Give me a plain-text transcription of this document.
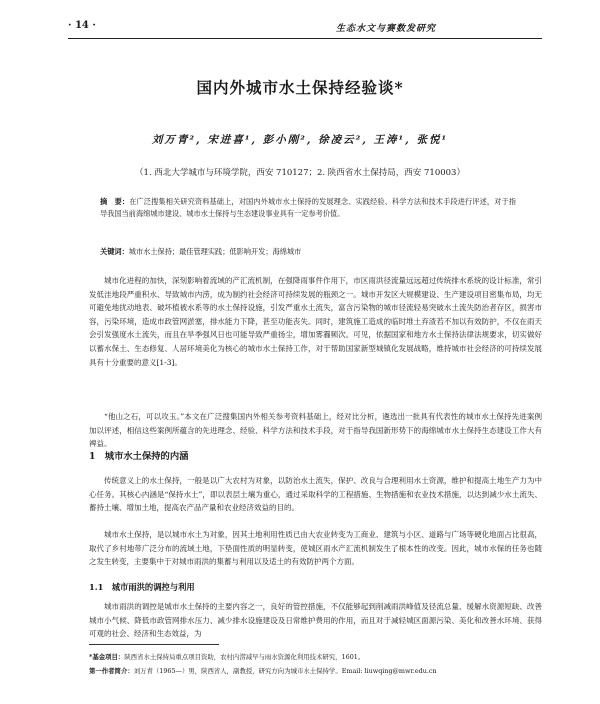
· 14 ·	生态水文与赛数发研究
国内外城市水土保持经验谈*
刘万青², 宋进喜¹, 彭小刚², 徐凌云², 王涛¹, 张悦¹
（1. 西北大学城市与环境学院，西安 710127；2. 陕西省水土保持局，西安 710003）
摘　要：在广泛搜集相关研究资料基础上，对国内外城市水土保持的发展理念、实践经验、科学方法和技术手段进行评述，对于指导我国当前海绵城市建设、城市水土保持与生态建设事业具有一定参考价值。
关键词：城市水土保持；最佳管理实践；低影响开发；海绵城市

城市化进程的加快，深刻影响着流域的产汇流机制，在强降雨事件作用下，市区雨洪径流量远远超过传统排水系统的设计标准，常引发低洼地段严重积水、导致城市内涝，成为制约社会经济可持续发展的瓶颈之一。城市开发区大规模建设、生产建设项目密集布局，均无可避免地扰动地表、破坏植被水系等的水土保持设施，引发严重水土流失，富含污染物的城市径流轻易突破水土流失防治者存区，损害市容，污染环境，造成市政管网淤塞，排水能力下降，甚至功能丧失。同时，建筑施工造成的临时堆土弃渣若不加以有效防护，不仅在雨天会引发强度水土流失，而且在旱季强风日也可能导致严重扬尘，增加雾霾频次。可见，依据国家和地方水土保持法律法规要求，切实做好以蓄水保土、生态修复、人居环境美化为核心的城市水土保持工作，对于帮助国家新型城镇化发展战略，维持城市社会经济的可持续发展具有十分重要的意义[1-3]。

“他山之石，可以攻玉。”本文在广泛搜集国内外相关参考资料基础上，经对比分析，遴选出一批具有代表性的城市水土保持先进案例加以评述，相信这些案例所蕴含的先进理念、经验、科学方法和技术手段，对于指导我国新形势下的海绵城市水土保持生态建设工作大有裨益。

1　城市水土保持的内涵

传统意义上的水土保持，一般是以广大农村为对象，以防治水土流失，保护、改良与合理利用水土资源，维护和提高土地生产力为中心任务。其核心内涵是“保持水土”，即以表层土壤为重心，通过采取科学的工程措施、生物措施和农业技术措施，以达到减少水土流失、蓄持土壤、增加土地，提高农产品产量和农业经济效益的目的。

城市水土保持，是以城市水土为对象，因其土地利用性质已由大农业转变为工商业、建筑与小区、道路与广场等硬化地面占比很高，取代了乡村地带广泛分布的流域土地，下垫面性质的明显转变，使城区雨水产汇流机制发生了根本性的改变。因此，城市水保的任务也随之发生转变，主要集中于对城市雨洪的集蓄与利用以及适土的有效防护两个方面。

1.1　城市雨洪的调控与利用

城市雨洪的调控是城市水土保持的主要内容之一，良好的管控措施，不仅能够起到削减雨洪峰值及径流总量、缓解水资源短缺、改善城市小气候、降低市政管网排水压力、减少排水设施建设及日常维护费用的作用，而且对于减轻城区面源污染、美化和改善水环境、获得可观的社会、经济和生态效益，为

*基金项目：陕西省水土保持局重点项目资助，农村内涝减早与雨水资源化利用技术研究，1601。
第一作者简介：刘万青（1965—）男，陕西省人，副教授，研究方向为城市水土保持学。Email: liuwqing@mwr.edu.cn
